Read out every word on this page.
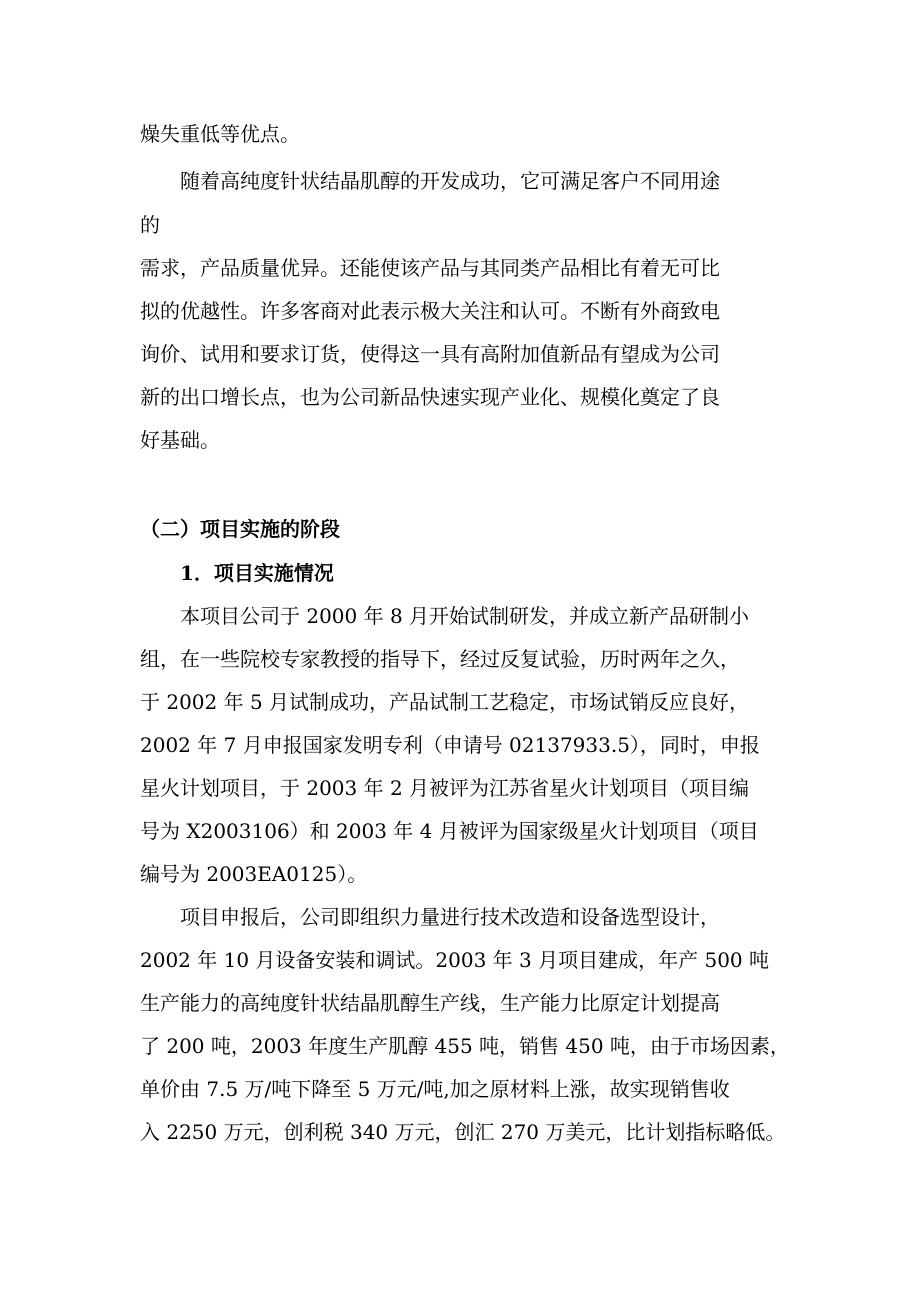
燥失重低等优点。
随着高纯度针状结晶肌醇的开发成功，它可满足客户不同用途
的
需求，产品质量优异。还能使该产品与其同类产品相比有着无可比
拟的优越性。许多客商对此表示极大关注和认可。不断有外商致电
询价、试用和要求订货，使得这一具有高附加值新品有望成为公司
新的出口增长点，也为公司新品快速实现产业化、规模化奠定了良
好基础。
（二）项目实施的阶段
1．项目实施情况
本项目公司于 2000 年 8 月开始试制研发，并成立新产品研制小
组，在一些院校专家教授的指导下，经过反复试验，历时两年之久，
于 2002 年 5 月试制成功，产品试制工艺稳定，市场试销反应良好，
2002 年 7 月申报国家发明专利（申请号 02137933.5），同时，申报
星火计划项目，于 2003 年 2 月被评为江苏省星火计划项目（项目编
号为 X2003106）和 2003 年 4 月被评为国家级星火计划项目（项目
编号为 2003EA0125）。
项目申报后，公司即组织力量进行技术改造和设备选型设计，
2002 年 10 月设备安装和调试。2003 年 3 月项目建成，年产 500 吨
生产能力的高纯度针状结晶肌醇生产线，生产能力比原定计划提高
了 200 吨，2003 年度生产肌醇 455 吨，销售 450 吨，由于市场因素，
单价由 7.5 万/吨下降至 5 万元/吨,加之原材料上涨，故实现销售收
入 2250 万元，创利税 340 万元，创汇 270 万美元，比计划指标略低。
